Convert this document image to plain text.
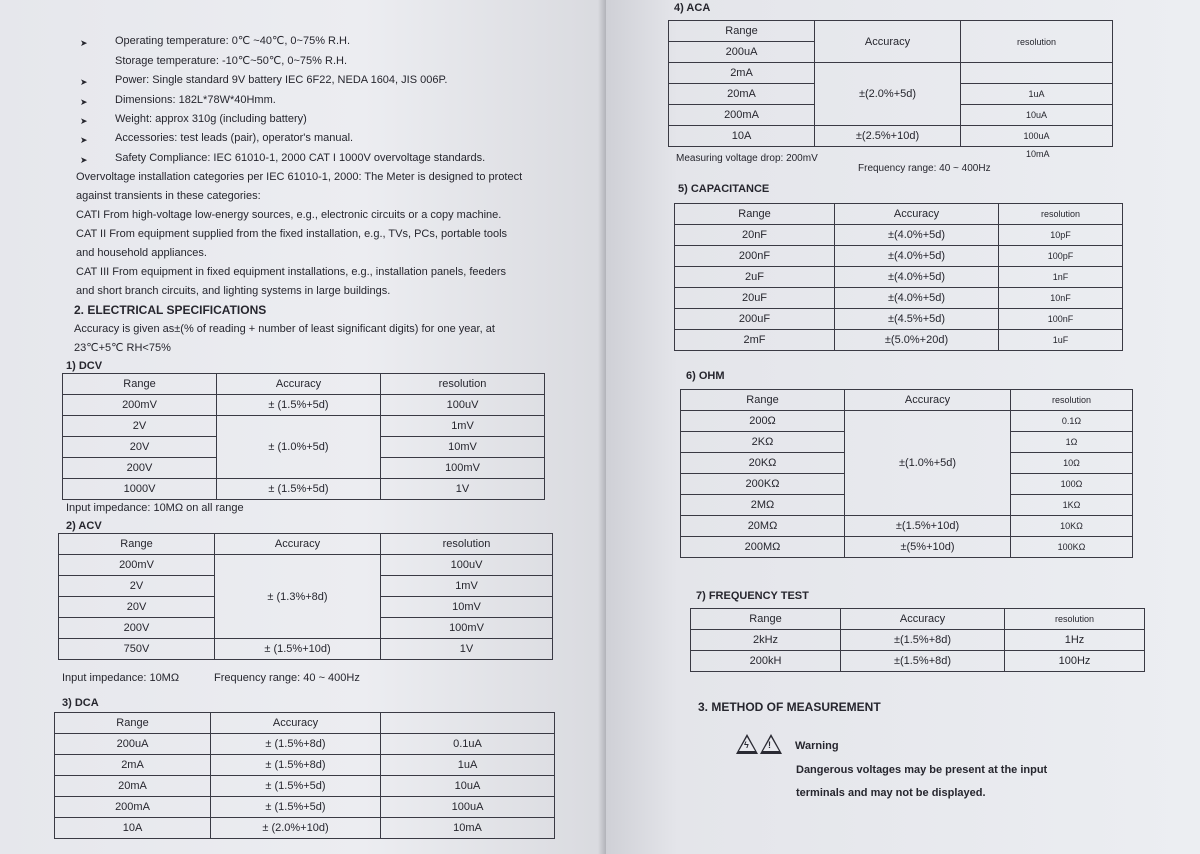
➤ Operating temperature: 0℃ ~40℃, 0~75% R.H.
Storage temperature: -10℃~50℃, 0~75% R.H.
➤ Power: Single standard 9V battery IEC 6F22, NEDA 1604, JIS 006P.
➤ Dimensions: 182L*78W*40Hmm.
➤ Weight: approx 310g (including battery)
➤ Accessories: test leads (pair), operator's manual.
➤ Safety Compliance: IEC 61010-1, 2000 CAT I 1000V overvoltage standards.
Overvoltage installation categories per IEC 61010-1, 2000: The Meter is designed to protect
against transients in these categories:
CATI From high-voltage low-energy sources, e.g., electronic circuits or a copy machine.
CAT II From equipment supplied from the fixed installation, e.g., TVs, PCs, portable tools
and household appliances.
CAT III From equipment in fixed equipment installations, e.g., installation panels, feeders
and short branch circuits, and lighting systems in large buildings.
2. ELECTRICAL SPECIFICATIONS
Accuracy is given as±(% of reading + number of least significant digits) for one year, at
23℃+5℃ RH<75%
1) DCV
Range	Accuracy	resolution
200mV	± (1.5%+5d)	100uV
2V	± (1.0%+5d)	1mV
20V		10mV
200V		100mV
1000V	± (1.5%+5d)	1V
Input impedance: 10MΩ on all range
2) ACV
Range	Accuracy	resolution
200mV	± (1.3%+8d)	100uV
2V		1mV
20V		10mV
200V		100mV
750V	± (1.5%+10d)	1V
Input impedance: 10MΩ	Frequency range: 40 ~ 400Hz
3) DCA
Range	Accuracy	
200uA	± (1.5%+8d)	0.1uA
2mA	± (1.5%+8d)	1uA
20mA	± (1.5%+5d)	10uA
200mA	± (1.5%+5d)	100uA
10A	± (2.0%+10d)	10mA
4) ACA
Range	Accuracy	resolution
200uA		
2mA	±(2.0%+5d)	
20mA		1uA
200mA		10uA
10A	±(2.5%+10d)	100uA
Measuring voltage drop: 200mV
Frequency range: 40 ~ 400Hz
10mA
5) CAPACITANCE
Range	Accuracy	resolution
20nF	±(4.0%+5d)	10pF
200nF	±(4.0%+5d)	100pF
2uF	±(4.0%+5d)	1nF
20uF	±(4.0%+5d)	10nF
200uF	±(4.5%+5d)	100nF
2mF	±(5.0%+20d)	1uF
6) OHM
Range	Accuracy	resolution
200Ω	±(1.0%+5d)	0.1Ω
2KΩ		1Ω
20KΩ		10Ω
200KΩ		100Ω
2MΩ		1KΩ
20MΩ	±(1.5%+10d)	10KΩ
200MΩ	±(5%+10d)	100KΩ
7) FREQUENCY TEST
Range	Accuracy	resolution
2kHz	±(1.5%+8d)	1Hz
200kH	±(1.5%+8d)	100Hz
3. METHOD OF MEASUREMENT
ϟ ! Warning
Dangerous voltages may be present at the input
terminals and may not be displayed.
